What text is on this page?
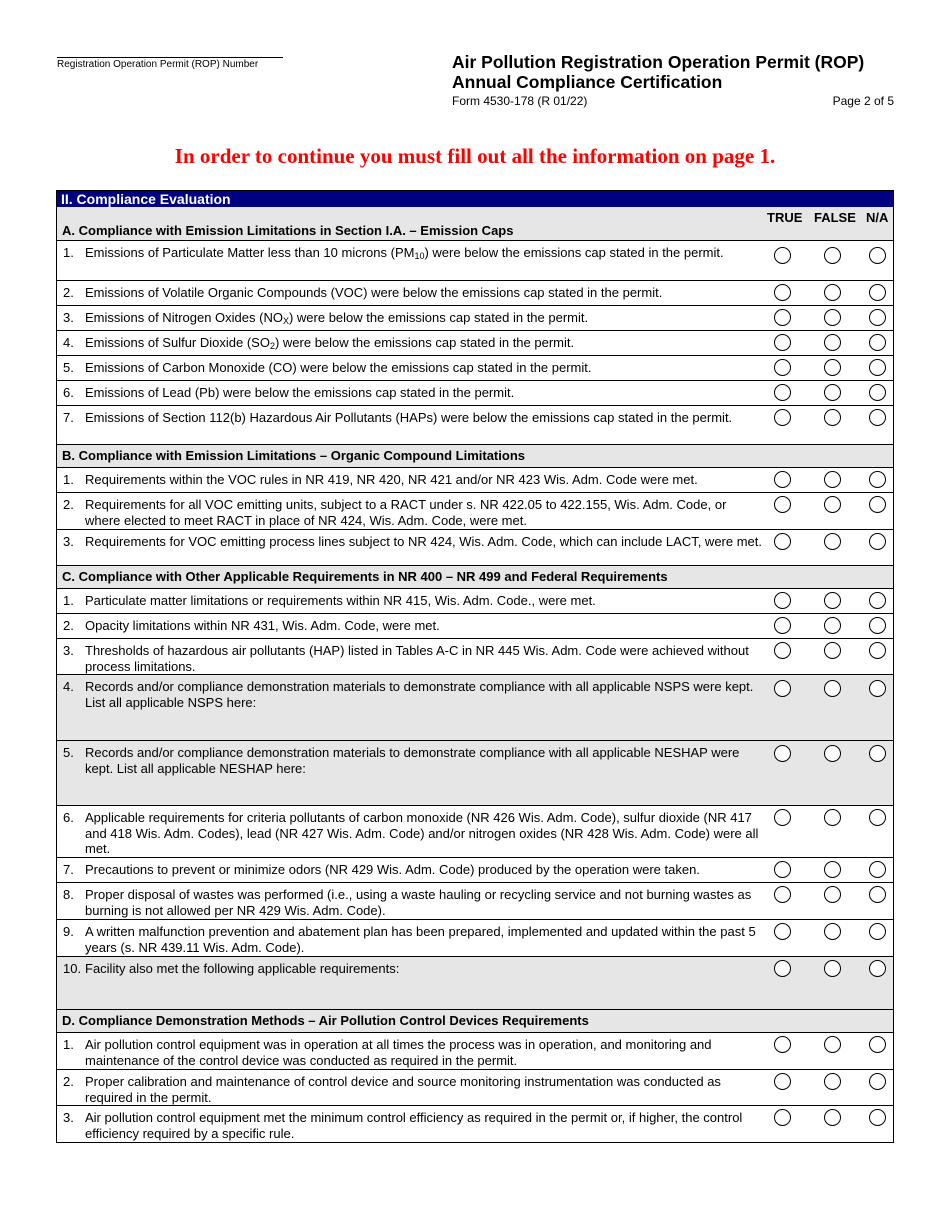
Registration Operation Permit (ROP) Number	Air Pollution Registration Operation Permit (ROP)
Annual Compliance Certification
Form 4530-178 (R 01/22)	Page 2 of 5
In order to continue you must fill out all the information on page 1.
II. Compliance Evaluation
TRUE FALSE N/A
A. Compliance with Emission Limitations in Section I.A. – Emission Caps
1. Emissions of Particulate Matter less than 10 microns $(PM_{10})$ were below the emissions cap stated in the permit.
2. Emissions of Volatile Organic Compounds (VOC) were below the emissions cap stated in the permit.
3. Emissions of Nitrogen Oxides $(NO_X)$ were below the emissions cap stated in the permit.
4. Emissions of Sulfur Dioxide $(SO_2)$ were below the emissions cap stated in the permit.
5. Emissions of Carbon Monoxide (CO) were below the emissions cap stated in the permit.
6. Emissions of Lead (Pb) were below the emissions cap stated in the permit.
7. Emissions of Section 112(b) Hazardous Air Pollutants (HAPs) were below the emissions cap stated in the permit.
B. Compliance with Emission Limitations – Organic Compound Limitations
1. Requirements within the VOC rules in NR 419, NR 420, NR 421 and/or NR 423 Wis. Adm. Code were met.
2. Requirements for all VOC emitting units, subject to a RACT under s. NR 422.05 to 422.155, Wis. Adm. Code, or where elected to meet RACT in place of NR 424, Wis. Adm. Code, were met.
3. Requirements for VOC emitting process lines subject to NR 424, Wis. Adm. Code, which can include LACT, were met.
C. Compliance with Other Applicable Requirements in NR 400 – NR 499 and Federal Requirements
1. Particulate matter limitations or requirements within NR 415, Wis. Adm. Code., were met.
2. Opacity limitations within NR 431, Wis. Adm. Code, were met.
3. Thresholds of hazardous air pollutants (HAP) listed in Tables A-C in NR 445 Wis. Adm. Code were achieved without process limitations.
4. Records and/or compliance demonstration materials to demonstrate compliance with all applicable NSPS were kept. List all applicable NSPS here:
5. Records and/or compliance demonstration materials to demonstrate compliance with all applicable NESHAP were kept. List all applicable NESHAP here:
6. Applicable requirements for criteria pollutants of carbon monoxide (NR 426 Wis. Adm. Code), sulfur dioxide (NR 417 and 418 Wis. Adm. Codes), lead (NR 427 Wis. Adm. Code) and/or nitrogen oxides (NR 428 Wis. Adm. Code) were all met.
7. Precautions to prevent or minimize odors (NR 429 Wis. Adm. Code) produced by the operation were taken.
8. Proper disposal of wastes was performed (i.e., using a waste hauling or recycling service and not burning wastes as burning is not allowed per NR 429 Wis. Adm. Code).
9. A written malfunction prevention and abatement plan has been prepared, implemented and updated within the past 5 years (s. NR 439.11 Wis. Adm. Code).
10. Facility also met the following applicable requirements:
D. Compliance Demonstration Methods – Air Pollution Control Devices Requirements
1. Air pollution control equipment was in operation at all times the process was in operation, and monitoring and maintenance of the control device was conducted as required in the permit.
2. Proper calibration and maintenance of control device and source monitoring instrumentation was conducted as required in the permit.
3. Air pollution control equipment met the minimum control efficiency as required in the permit or, if higher, the control efficiency required by a specific rule.
